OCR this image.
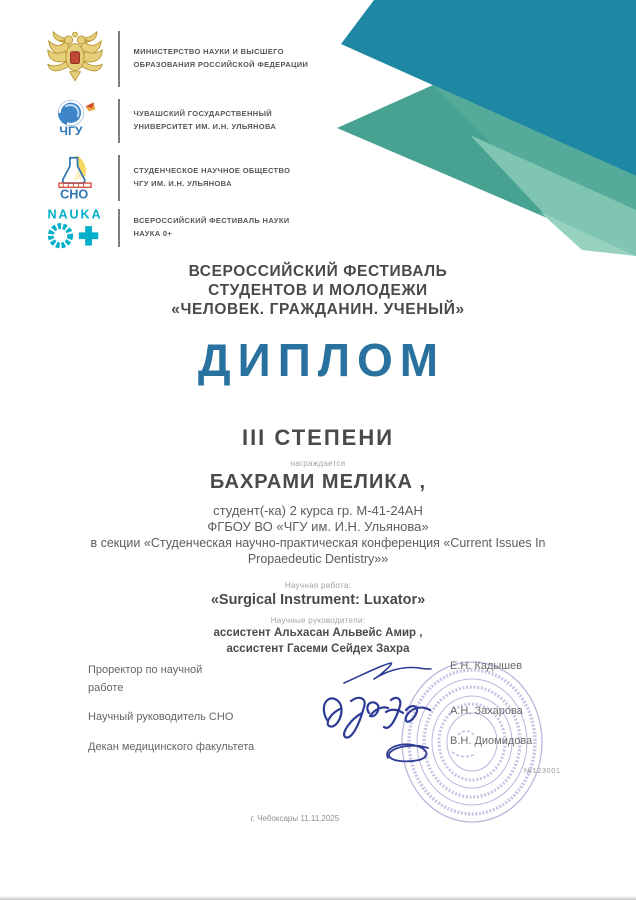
МИНИСТЕРСТВО НАУКИ И ВЫСШЕГО
ОБРАЗОВАНИЯ РОССИЙСКОЙ ФЕДЕРАЦИИ
ЧГУ
ЧУВАШСКИЙ ГОСУДАРСТВЕННЫЙ
УНИВЕРСИТЕТ ИМ. И.Н. УЛЬЯНОВА
СНО
СТУДЕНЧЕСКОЕ НАУЧНОЕ ОБЩЕСТВО
ЧГУ ИМ. И.Н. УЛЬЯНОВА
NAUKA	ВСЕРОССИЙСКИЙ ФЕСТИВАЛЬ НАУКИ
НАУКА 0+
ВСЕРОССИЙСКИЙ ФЕСТИВАЛЬ
СТУДЕНТОВ И МОЛОДЕЖИ
«ЧЕЛОВЕК. ГРАЖДАНИН. УЧЕНЫЙ»
ДИПЛОМ
III СТЕПЕНИ
награждается
БАХРАМИ МЕЛИКА ,
студент(-ка) 2 курса гр. М-41-24АН
ФГБОУ ВО «ЧГУ им. И.Н. Ульянова»
в секции «Студенческая научно-практическая конференция «Current Issues In
Propaedeutic Dentistry»»
Научная работа:
«Surgical Instrument: Luxator»
Научные руководители:
ассистент Альхасан Альвейс Амир ,
ассистент Гасеми Сейдех Захра
Проректор по научной
работе
Научный руководитель СНО
Декан медицинского факультета
Е.Н. Кадышев
А.Н. Захарова
В.Н. Диомидова
№123001
г. Чебоксары 11.11.2025
